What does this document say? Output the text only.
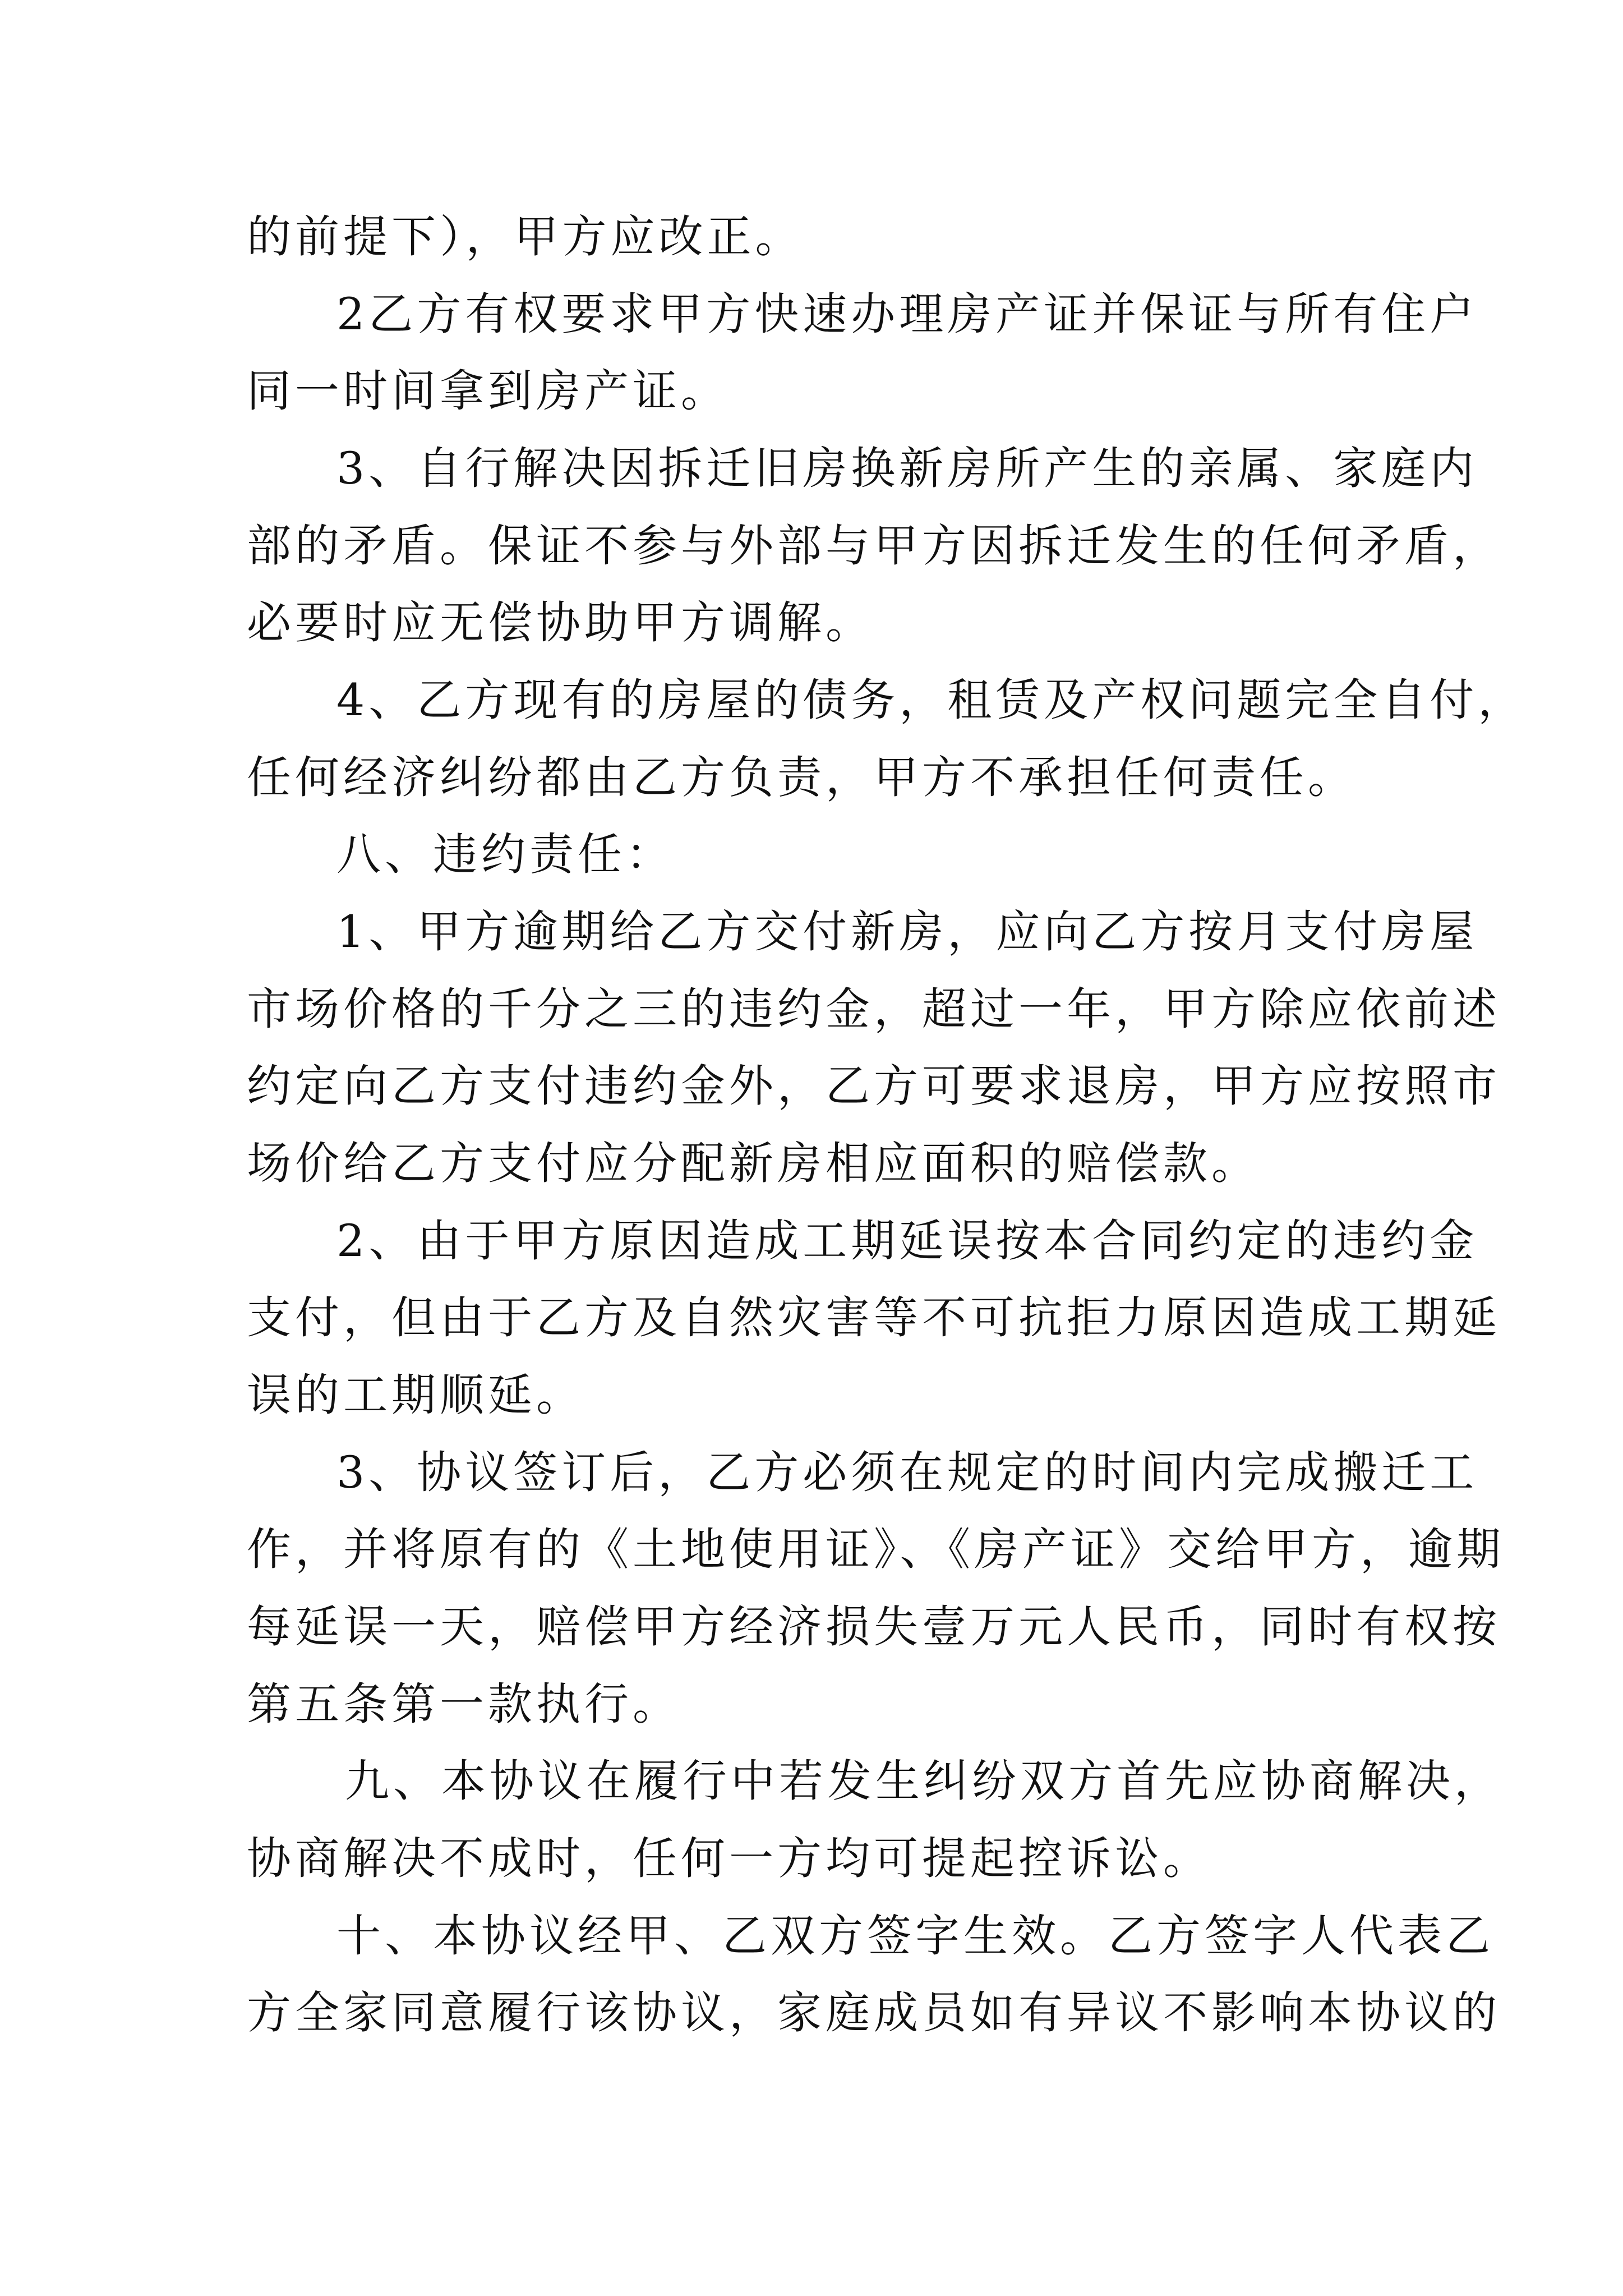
的前提下），甲方应改正。
2乙方有权要求甲方快速办理房产证并保证与所有住户
同一时间拿到房产证。
3、自行解决因拆迁旧房换新房所产生的亲属、家庭内
部的矛盾。保证不参与外部与甲方因拆迁发生的任何矛盾，
必要时应无偿协助甲方调解。
4、乙方现有的房屋的债务，租赁及产权问题完全自付，
任何经济纠纷都由乙方负责，甲方不承担任何责任。
八、违约责任：
1、甲方逾期给乙方交付新房，应向乙方按月支付房屋
市场价格的千分之三的违约金，超过一年，甲方除应依前述
约定向乙方支付违约金外，乙方可要求退房，甲方应按照市
场价给乙方支付应分配新房相应面积的赔偿款。
2、由于甲方原因造成工期延误按本合同约定的违约金
支付，但由于乙方及自然灾害等不可抗拒力原因造成工期延
误的工期顺延。
3、协议签订后，乙方必须在规定的时间内完成搬迁工
作，并将原有的《土地使用证》、《房产证》交给甲方，逾期
每延误一天，赔偿甲方经济损失壹万元人民币，同时有权按
第五条第一款执行。
九、本协议在履行中若发生纠纷双方首先应协商解决，
协商解决不成时，任何一方均可提起控诉讼。
十、本协议经甲、乙双方签字生效。乙方签字人代表乙
方全家同意履行该协议，家庭成员如有异议不影响本协议的
